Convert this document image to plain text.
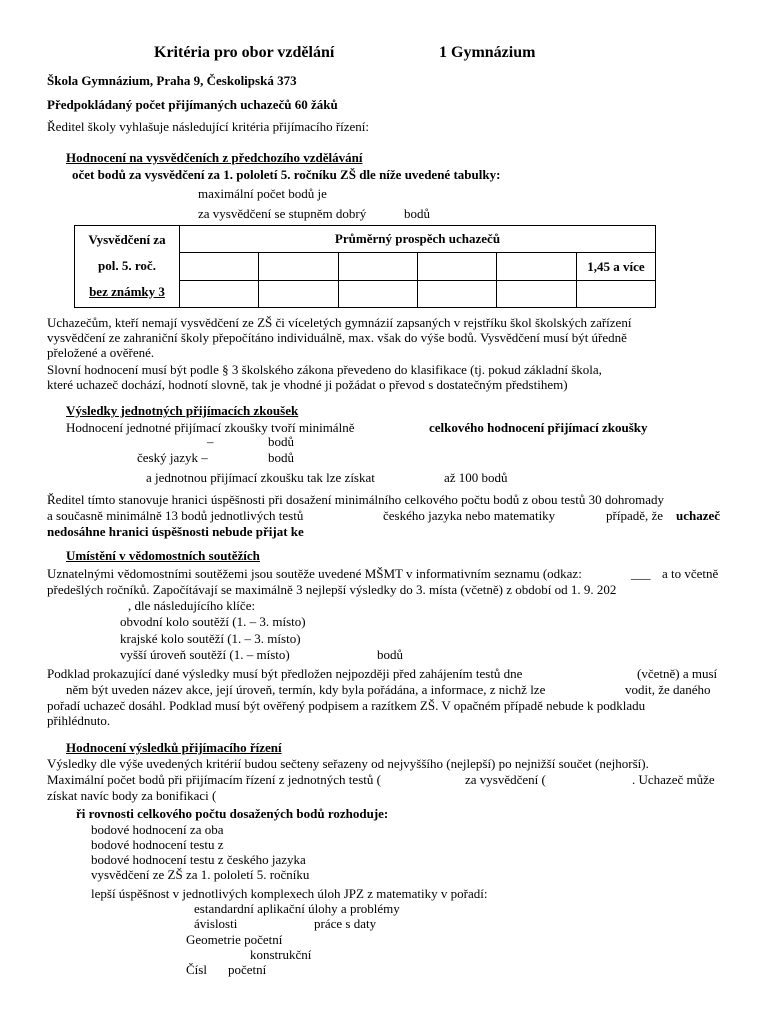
Kritéria pro obor vzdělání	1 Gymnázium
Škola Gymnázium, Praha 9, Českolipská 373
Předpokládaný počet přijímaných uchazečů 60 žáků
Ředitel školy vyhlašuje následující kritéria přijímacího řízení:
Hodnocení na vysvědčeních z předchozího vzdělávání
očet bodů za vysvědčení za 1. pololetí 5. ročníku ZŠ dle níže uvedené tabulky:
maximální počet bodů je
za vysvědčení se stupněm dobrý	bodů
Vysvědčení za
pol. 5. roč.
bez známky 3	Průměrný prospěch uchazečů					
						1,45 a více

Uchazečům, kteří nemají vysvědčení ze ZŠ či víceletých gymnázií zapsaných v rejstříku škol školských zařízení
vysvědčení ze zahraniční školy přepočítáno individuálně, max. však do výše bodů. Vysvědčení musí být úředně
přeložené a ověřené.
Slovní hodnocení musí být podle § 3 školského zákona převedeno do klasifikace (tj. pokud základní škola,
které uchazeč dochází, hodnotí slovně, tak je vhodné ji požádat o převod s dostatečným předstihem)
Výsledky jednotných přijímacích zkoušek
Hodnocení jednotné přijímací zkoušky tvoří minimálně	celkového hodnocení přijímací zkoušky
–	bodů
český jazyk –	bodů
a jednotnou přijímací zkoušku tak lze získat	až 100 bodů
Ředitel tímto stanovuje hranici úspěšnosti při dosažení minimálního celkového počtu bodů z obou testů 30 dohromady
a současně minimálně 13 bodů jednotlivých testů	českého jazyka nebo matematiky	případě, že uchazeč
nedosáhne hranici úspěšnosti nebude přijat ke
Umístění v vědomostních soutěžích
Uznatelnými vědomostními soutěžemi jsou soutěže uvedené MŠMT v informativním seznamu (odkaz:	___ a to včetně
předešlých ročníků. Započítávají se maximálně 3 nejlepší výsledky do 3. místa (včetně) z období od 1. 9. 202
, dle následujícího klíče:
obvodní kolo soutěží (1. – 3. místo)
krajské kolo soutěží (1. – 3. místo)
vyšší úroveň soutěží (1. – místo)	bodů
Podklad prokazující dané výsledky musí být předložen nejpozději před zahájením testů dne	(včetně) a musí
něm být uveden název akce, její úroveň, termín, kdy byla pořádána, a informace, z nichž lze	vodit, že daného
pořadí uchazeč dosáhl. Podklad musí být ověřený podpisem a razítkem ZŠ. V opačném případě nebude k podkladu
přihlédnuto.
Hodnocení výsledků přijímacího řízení
Výsledky dle výše uvedených kritérií budou sečteny seřazeny od nejvyššího (nejlepší) po nejnižší součet (nejhorší).
Maximální počet bodů při přijímacím řízení z jednotných testů (	za vysvědčení (	. Uchazeč může
získat navíc body za bonifikaci (
ři rovnosti celkového počtu dosažených bodů rozhoduje:
bodové hodnocení za oba
bodové hodnocení testu z
bodové hodnocení testu z českého jazyka
vysvědčení ze ZŠ za 1. pololetí 5. ročníku
lepší úspěšnost v jednotlivých komplexech úloh JPZ z matematiky v pořadí:
estandardní aplikační úlohy a problémy
ávislosti	práce s daty
Geometrie početní
konstrukční
Čísl početní
